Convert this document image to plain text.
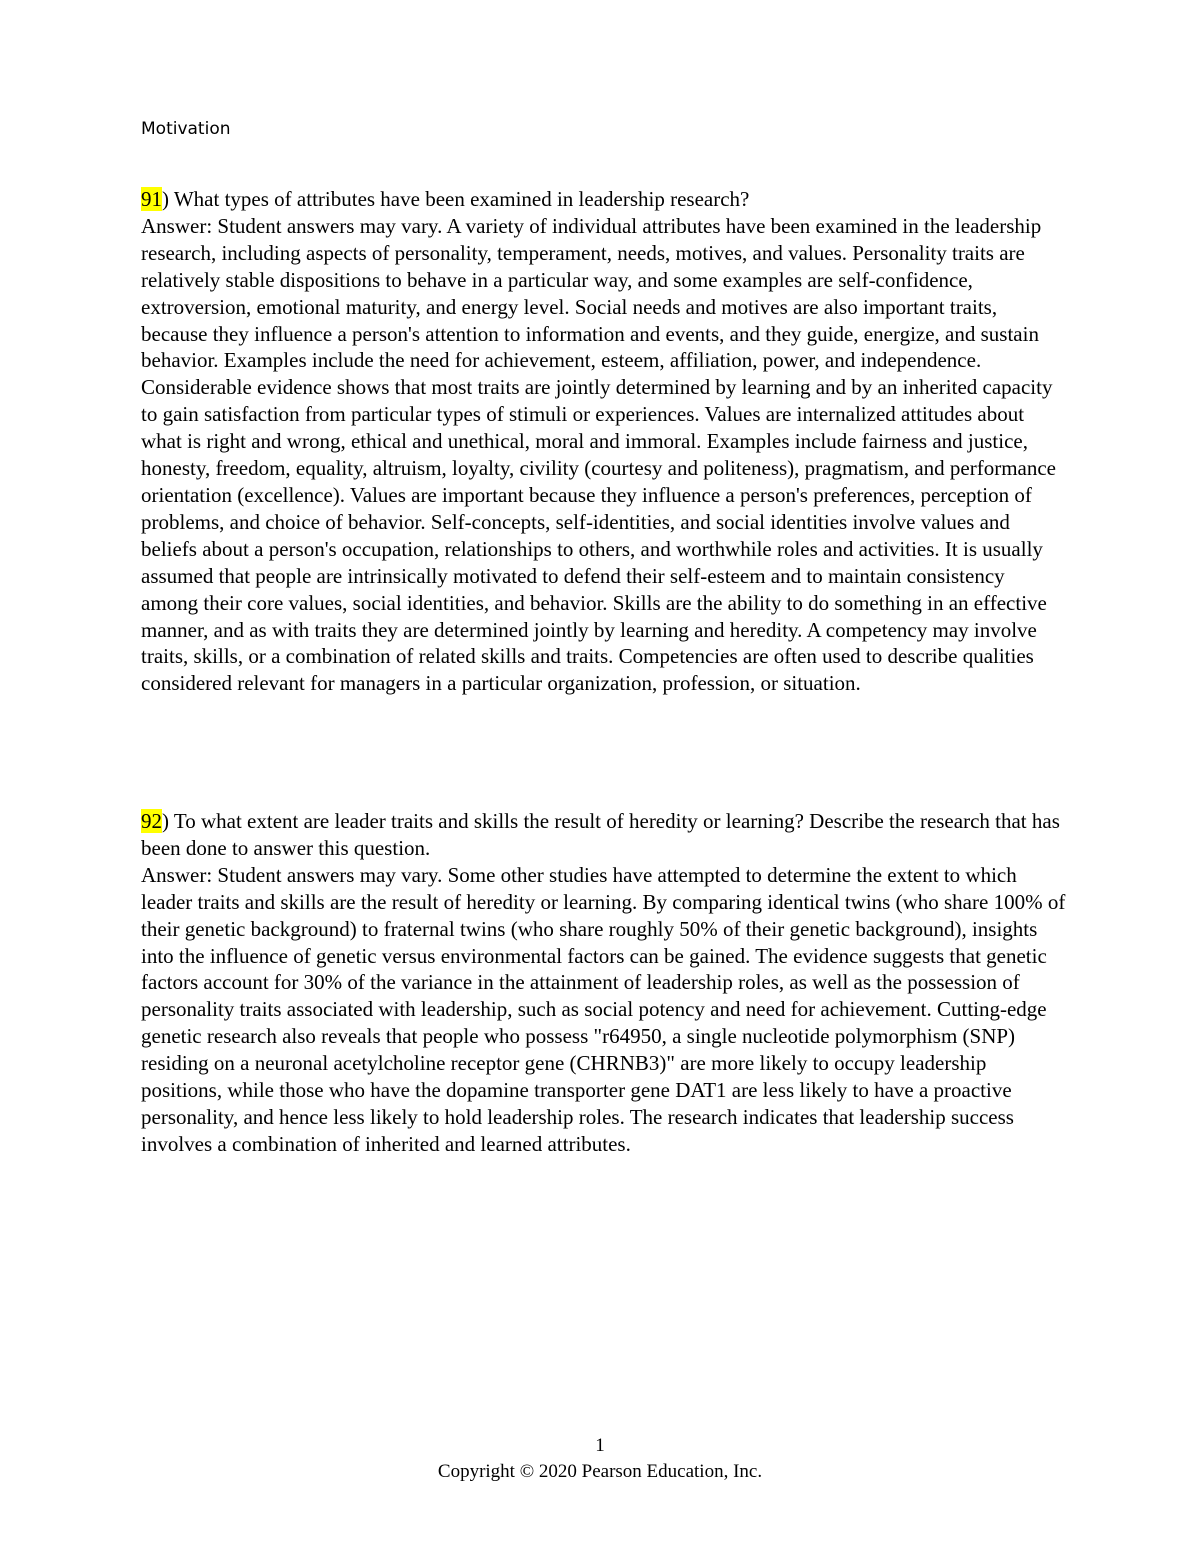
Motivation

91) What types of attributes have been examined in leadership research?

Answer: Student answers may vary. A variety of individual attributes have been examined in the leadership research, including aspects of personality, temperament, needs, motives, and values. Personality traits are relatively stable dispositions to behave in a particular way, and some examples are self-confidence, extroversion, emotional maturity, and energy level. Social needs and motives are also important traits, because they influence a person's attention to information and events, and they guide, energize, and sustain behavior. Examples include the need for achievement, esteem, affiliation, power, and independence. Considerable evidence shows that most traits are jointly determined by learning and by an inherited capacity to gain satisfaction from particular types of stimuli or experiences. Values are internalized attitudes about what is right and wrong, ethical and unethical, moral and immoral. Examples include fairness and justice, honesty, freedom, equality, altruism, loyalty, civility (courtesy and politeness), pragmatism, and performance orientation (excellence). Values are important because they influence a person's preferences, perception of problems, and choice of behavior. Self-concepts, self-identities, and social identities involve values and beliefs about a person's occupation, relationships to others, and worthwhile roles and activities. It is usually assumed that people are intrinsically motivated to defend their self-esteem and to maintain consistency among their core values, social identities, and behavior. Skills are the ability to do something in an effective manner, and as with traits they are determined jointly by learning and heredity. A competency may involve traits, skills, or a combination of related skills and traits. Competencies are often used to describe qualities considered relevant for managers in a particular organization, profession, or situation.

92) To what extent are leader traits and skills the result of heredity or learning? Describe the research that has been done to answer this question.

Answer: Student answers may vary. Some other studies have attempted to determine the extent to which leader traits and skills are the result of heredity or learning. By comparing identical twins (who share 100% of their genetic background) to fraternal twins (who share roughly 50% of their genetic background), insights into the influence of genetic versus environmental factors can be gained. The evidence suggests that genetic factors account for 30% of the variance in the attainment of leadership roles, as well as the possession of personality traits associated with leadership, such as social potency and need for achievement. Cutting-edge genetic research also reveals that people who possess "r64950, a single nucleotide polymorphism (SNP) residing on a neuronal acetylcholine receptor gene (CHRNB3)" are more likely to occupy leadership positions, while those who have the dopamine transporter gene DAT1 are less likely to have a proactive personality, and hence less likely to hold leadership roles. The research indicates that leadership success involves a combination of inherited and learned attributes.

1
Copyright © 2020 Pearson Education, Inc.
